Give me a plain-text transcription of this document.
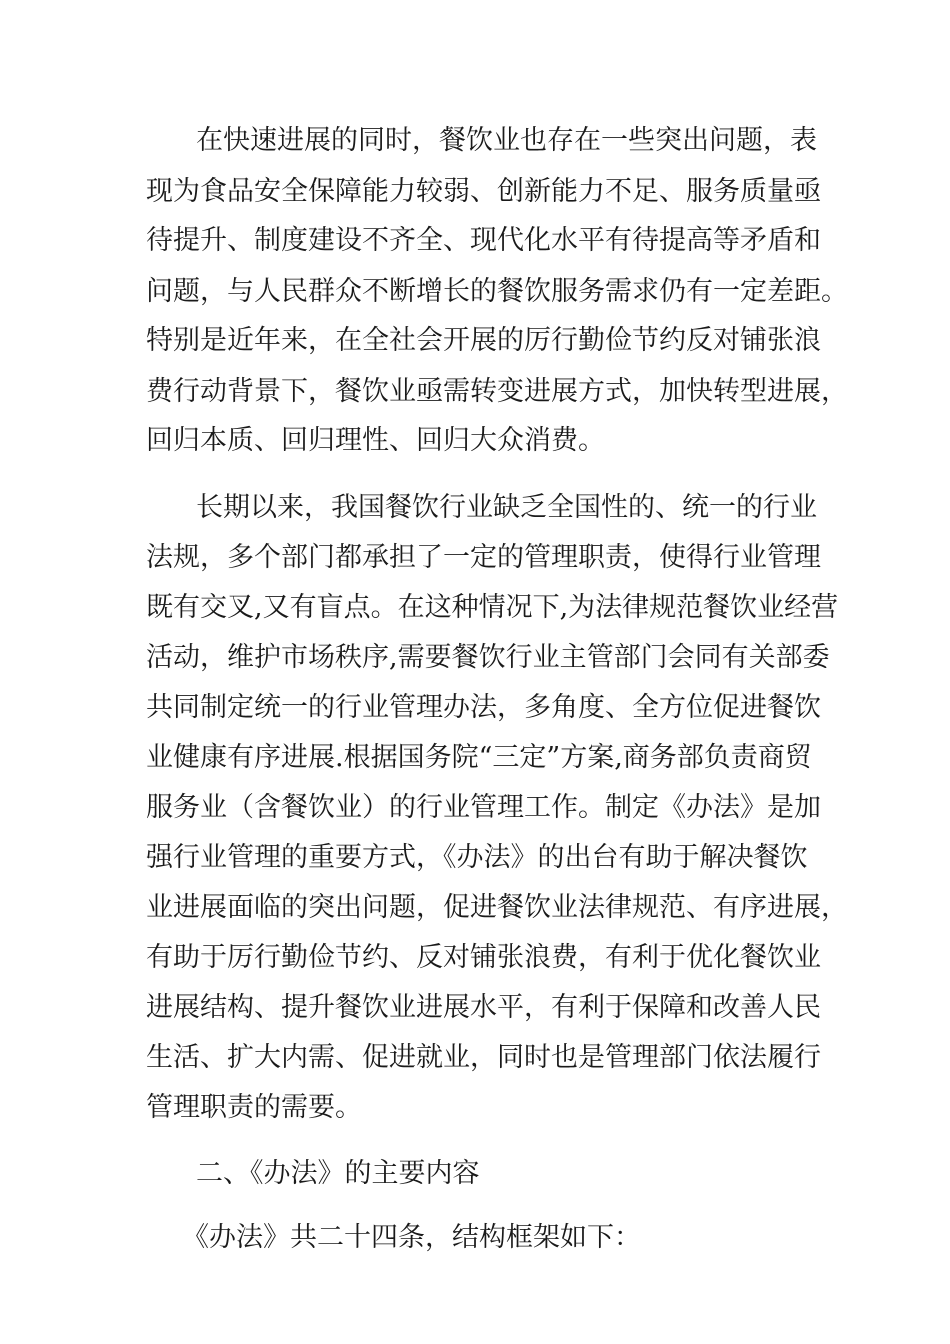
在快速进展的同时，餐饮业也存在一些突出问题，表
现为食品安全保障能力较弱、创新能力不足、服务质量亟
待提升、制度建设不齐全、现代化水平有待提高等矛盾和
问题，与人民群众不断增长的餐饮服务需求仍有一定差距。
特别是近年来，在全社会开展的厉行勤俭节约反对铺张浪
费行动背景下，餐饮业亟需转变进展方式，加快转型进展，
回归本质、回归理性、回归大众消费。
长期以来，我国餐饮行业缺乏全国性的、统一的行业
法规，多个部门都承担了一定的管理职责，使得行业管理
既有交叉,又有盲点。在这种情况下,为法律规范餐饮业经营
活动，维护市场秩序,需要餐饮行业主管部门会同有关部委
共同制定统一的行业管理办法，多角度、全方位促进餐饮
业健康有序进展.根据国务院“三定”方案,商务部负责商贸
服务业（含餐饮业）的行业管理工作。制定《办法》是加
强行业管理的重要方式，《办法》的出台有助于解决餐饮
业进展面临的突出问题，促进餐饮业法律规范、有序进展，
有助于厉行勤俭节约、反对铺张浪费，有利于优化餐饮业
进展结构、提升餐饮业进展水平，有利于保障和改善人民
生活、扩大内需、促进就业，同时也是管理部门依法履行
管理职责的需要。
二、《办法》的主要内容
《办法》共二十四条，结构框架如下：
